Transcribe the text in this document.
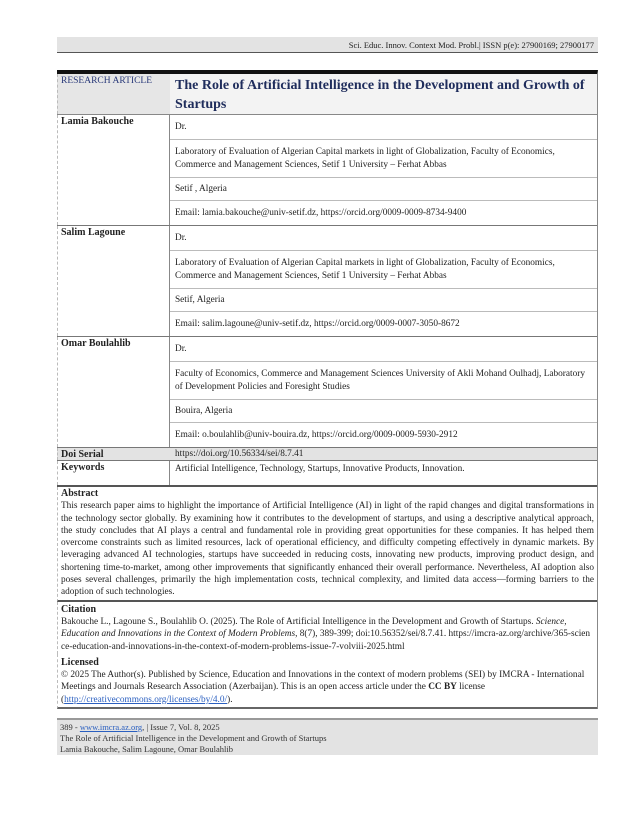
Sci. Educ. Innov. Context Mod. Probl.| ISSN p(e): 27900169; 27900177
RESEARCH ARTICLE	The Role of Artificial Intelligence in the Development and Growth of Startups
Lamia Bakouche	Dr.
Laboratory of Evaluation of Algerian Capital markets in light of Globalization, Faculty of Economics, Commerce and Management Sciences, Setif 1 University – Ferhat Abbas
Setif , Algeria
Email: lamia.bakouche@univ-setif.dz, https://orcid.org/0009-0009-8734-9400
Salim Lagoune	Dr.
Laboratory of Evaluation of Algerian Capital markets in light of Globalization, Faculty of Economics, Commerce and Management Sciences, Setif 1 University – Ferhat Abbas
Setif, Algeria
Email: salim.lagoune@univ-setif.dz, https://orcid.org/0009-0007-3050-8672
Omar Boulahlib	Dr.
Faculty of Economics, Commerce and Management Sciences University of Akli Mohand Oulhadj, Laboratory of Development Policies and Foresight Studies
Bouira, Algeria
Email: o.boulahlib@univ-bouira.dz, https://orcid.org/0009-0009-5930-2912
Doi Serial	https://doi.org/10.56334/sei/8.7.41
Keywords	Artificial Intelligence, Technology, Startups, Innovative Products, Innovation.
Abstract

This research paper aims to highlight the importance of Artificial Intelligence (AI) in light of the rapid changes and digital transformations in the technology sector globally. By examining how it contributes to the development of startups, and using a descriptive analytical approach, the study concludes that AI plays a central and fundamental role in providing great opportunities for these companies. It has helped them overcome constraints such as limited resources, lack of operational efficiency, and difficulty competing effectively in dynamic markets. By leveraging advanced AI technologies, startups have succeeded in reducing costs, innovating new products, improving product design, and shortening time-to-market, among other improvements that significantly enhanced their overall performance. Nevertheless, AI adoption also poses several challenges, primarily the high implementation costs, technical complexity, and limited data access—forming barriers to the adoption of such technologies.

Citation

Bakouche L., Lagoune S., Boulahlib O. (2025). The Role of Artificial Intelligence in the Development and Growth of Startups. Science, Education and Innovations in the Context of Modern Problems, 8(7), 389-399; doi:10.56352/sei/8.7.41. https://imcra-az.org/archive/365-science-education-and-innovations-in-the-context-of-modern-problems-issue-7-volviii-2025.html

Licensed

© 2025 The Author(s). Published by Science, Education and Innovations in the context of modern problems (SEI) by IMCRA - International Meetings and Journals Research Association (Azerbaijan). This is an open access article under the CC BY license (http://creativecommons.org/licenses/by/4.0/).

389 - www.imcra.az.org, | Issue 7, Vol. 8, 2025
The Role of Artificial Intelligence in the Development and Growth of Startups
Lamia Bakouche, Salim Lagoune, Omar Boulahlib
